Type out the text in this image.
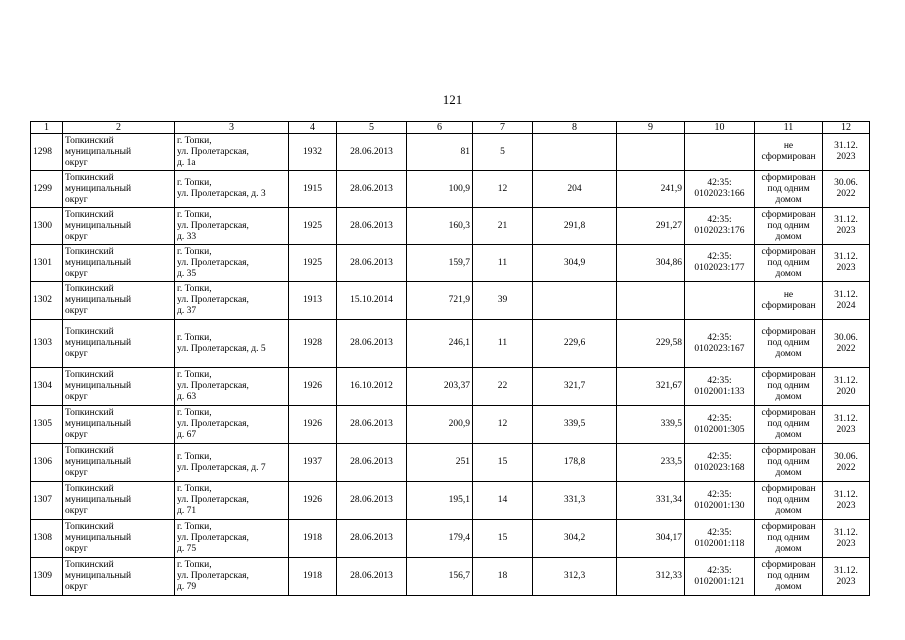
121
1	2	3	4	5	6	7	8	9	10	11	12
1298	Топкинский
муниципальный
округ	г. Топки,
ул. Пролетарская,
д. 1а	1932	28.06.2013	81	5				не
сформирован	31.12.
2023
1299	Топкинский
муниципальный
округ	г. Топки,
ул. Пролетарская, д. 3	1915	28.06.2013	100,9	12	204	241,9	42:35:
0102023:166	сформирован
под одним
домом	30.06.
2022
1300	Топкинский
муниципальный
округ	г. Топки,
ул. Пролетарская,
д. 33	1925	28.06.2013	160,3	21	291,8	291,27	42:35:
0102023:176	сформирован
под одним
домом	31.12.
2023
1301	Топкинский
муниципальный
округ	г. Топки,
ул. Пролетарская,
д. 35	1925	28.06.2013	159,7	11	304,9	304,86	42:35:
0102023:177	сформирован
под одним
домом	31.12.
2023
1302	Топкинский
муниципальный
округ	г. Топки,
ул. Пролетарская,
д. 37	1913	15.10.2014	721,9	39				не
сформирован	31.12.
2024
1303	Топкинский
муниципальный
округ	г. Топки,
ул. Пролетарская, д. 5	1928	28.06.2013	246,1	11	229,6	229,58	42:35:
0102023:167	сформирован
под одним
домом	30.06.
2022
1304	Топкинский
муниципальный
округ	г. Топки,
ул. Пролетарская,
д. 63	1926	16.10.2012	203,37	22	321,7	321,67	42:35:
0102001:133	сформирован
под одним
домом	31.12.
2020
1305	Топкинский
муниципальный
округ	г. Топки,
ул. Пролетарская,
д. 67	1926	28.06.2013	200,9	12	339,5	339,5	42:35:
0102001:305	сформирован
под одним
домом	31.12.
2023
1306	Топкинский
муниципальный
округ	г. Топки,
ул. Пролетарская, д. 7	1937	28.06.2013	251	15	178,8	233,5	42:35:
0102023:168	сформирован
под одним
домом	30.06.
2022
1307	Топкинский
муниципальный
округ	г. Топки,
ул. Пролетарская,
д. 71	1926	28.06.2013	195,1	14	331,3	331,34	42:35:
0102001:130	сформирован
под одним
домом	31.12.
2023
1308	Топкинский
муниципальный
округ	г. Топки,
ул. Пролетарская,
д. 75	1918	28.06.2013	179,4	15	304,2	304,17	42:35:
0102001:118	сформирован
под одним
домом	31.12.
2023
1309	Топкинский
муниципальный
округ	г. Топки,
ул. Пролетарская,
д. 79	1918	28.06.2013	156,7	18	312,3	312,33	42:35:
0102001:121	сформирован
под одним
домом	31.12.
2023
